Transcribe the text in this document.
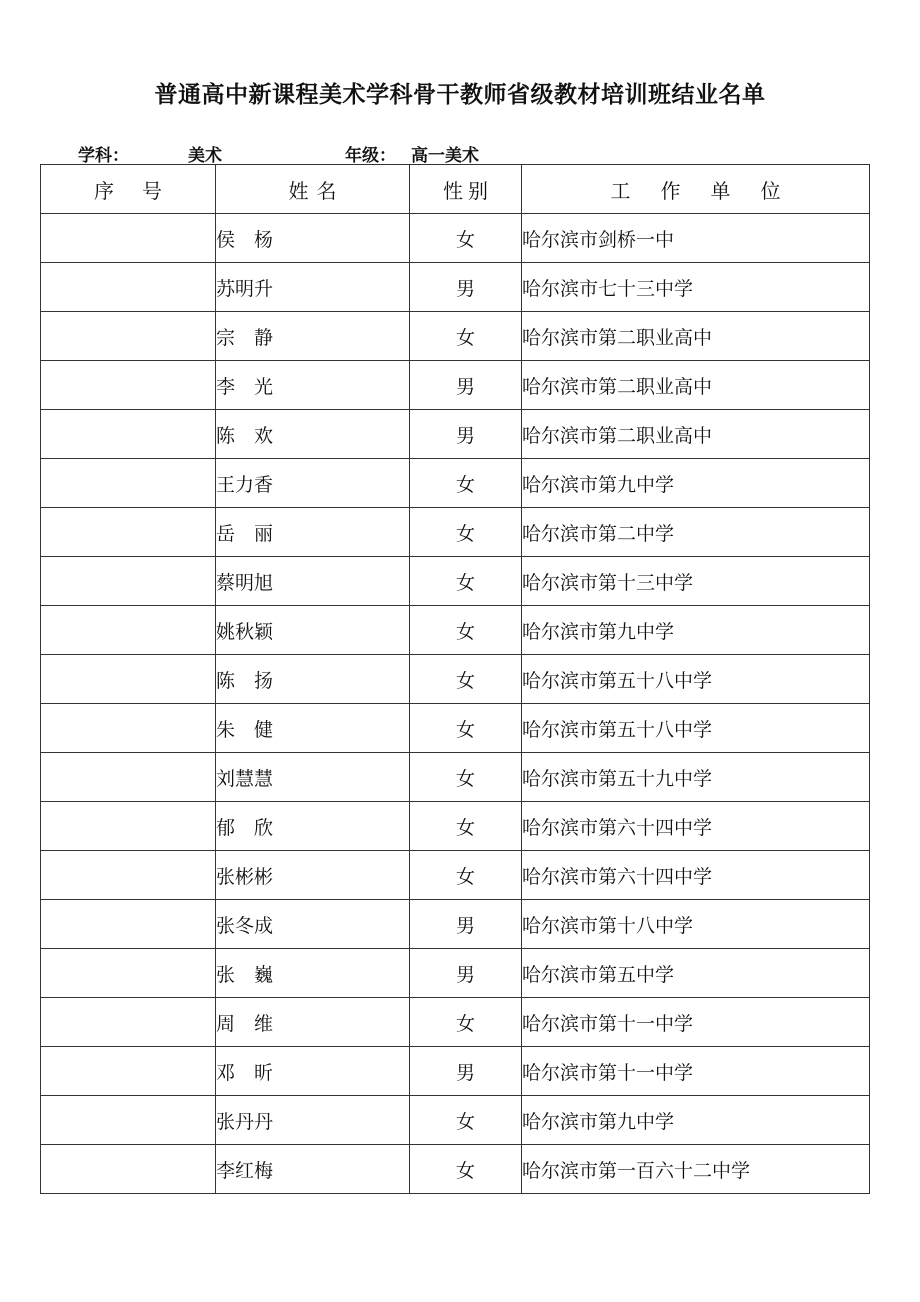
普通高中新课程美术学科骨干教师省级教材培训班结业名单
学科：	美术	年级： 高一美术
序号	姓名	性别	工作单位
	侯　杨	女	哈尔滨市剑桥一中
	苏明升	男	哈尔滨市七十三中学
	宗　静	女	哈尔滨市第二职业高中
	李　光	男	哈尔滨市第二职业高中
	陈　欢	男	哈尔滨市第二职业高中
	王力香	女	哈尔滨市第九中学
	岳　丽	女	哈尔滨市第二中学
	蔡明旭	女	哈尔滨市第十三中学
	姚秋颖	女	哈尔滨市第九中学
	陈　扬	女	哈尔滨市第五十八中学
	朱　健	女	哈尔滨市第五十八中学
	刘慧慧	女	哈尔滨市第五十九中学
	郁　欣	女	哈尔滨市第六十四中学
	张彬彬	女	哈尔滨市第六十四中学
	张冬成	男	哈尔滨市第十八中学
	张　巍	男	哈尔滨市第五中学
	周　维	女	哈尔滨市第十一中学
	邓　昕	男	哈尔滨市第十一中学
	张丹丹	女	哈尔滨市第九中学
	李红梅	女	哈尔滨市第一百六十二中学
